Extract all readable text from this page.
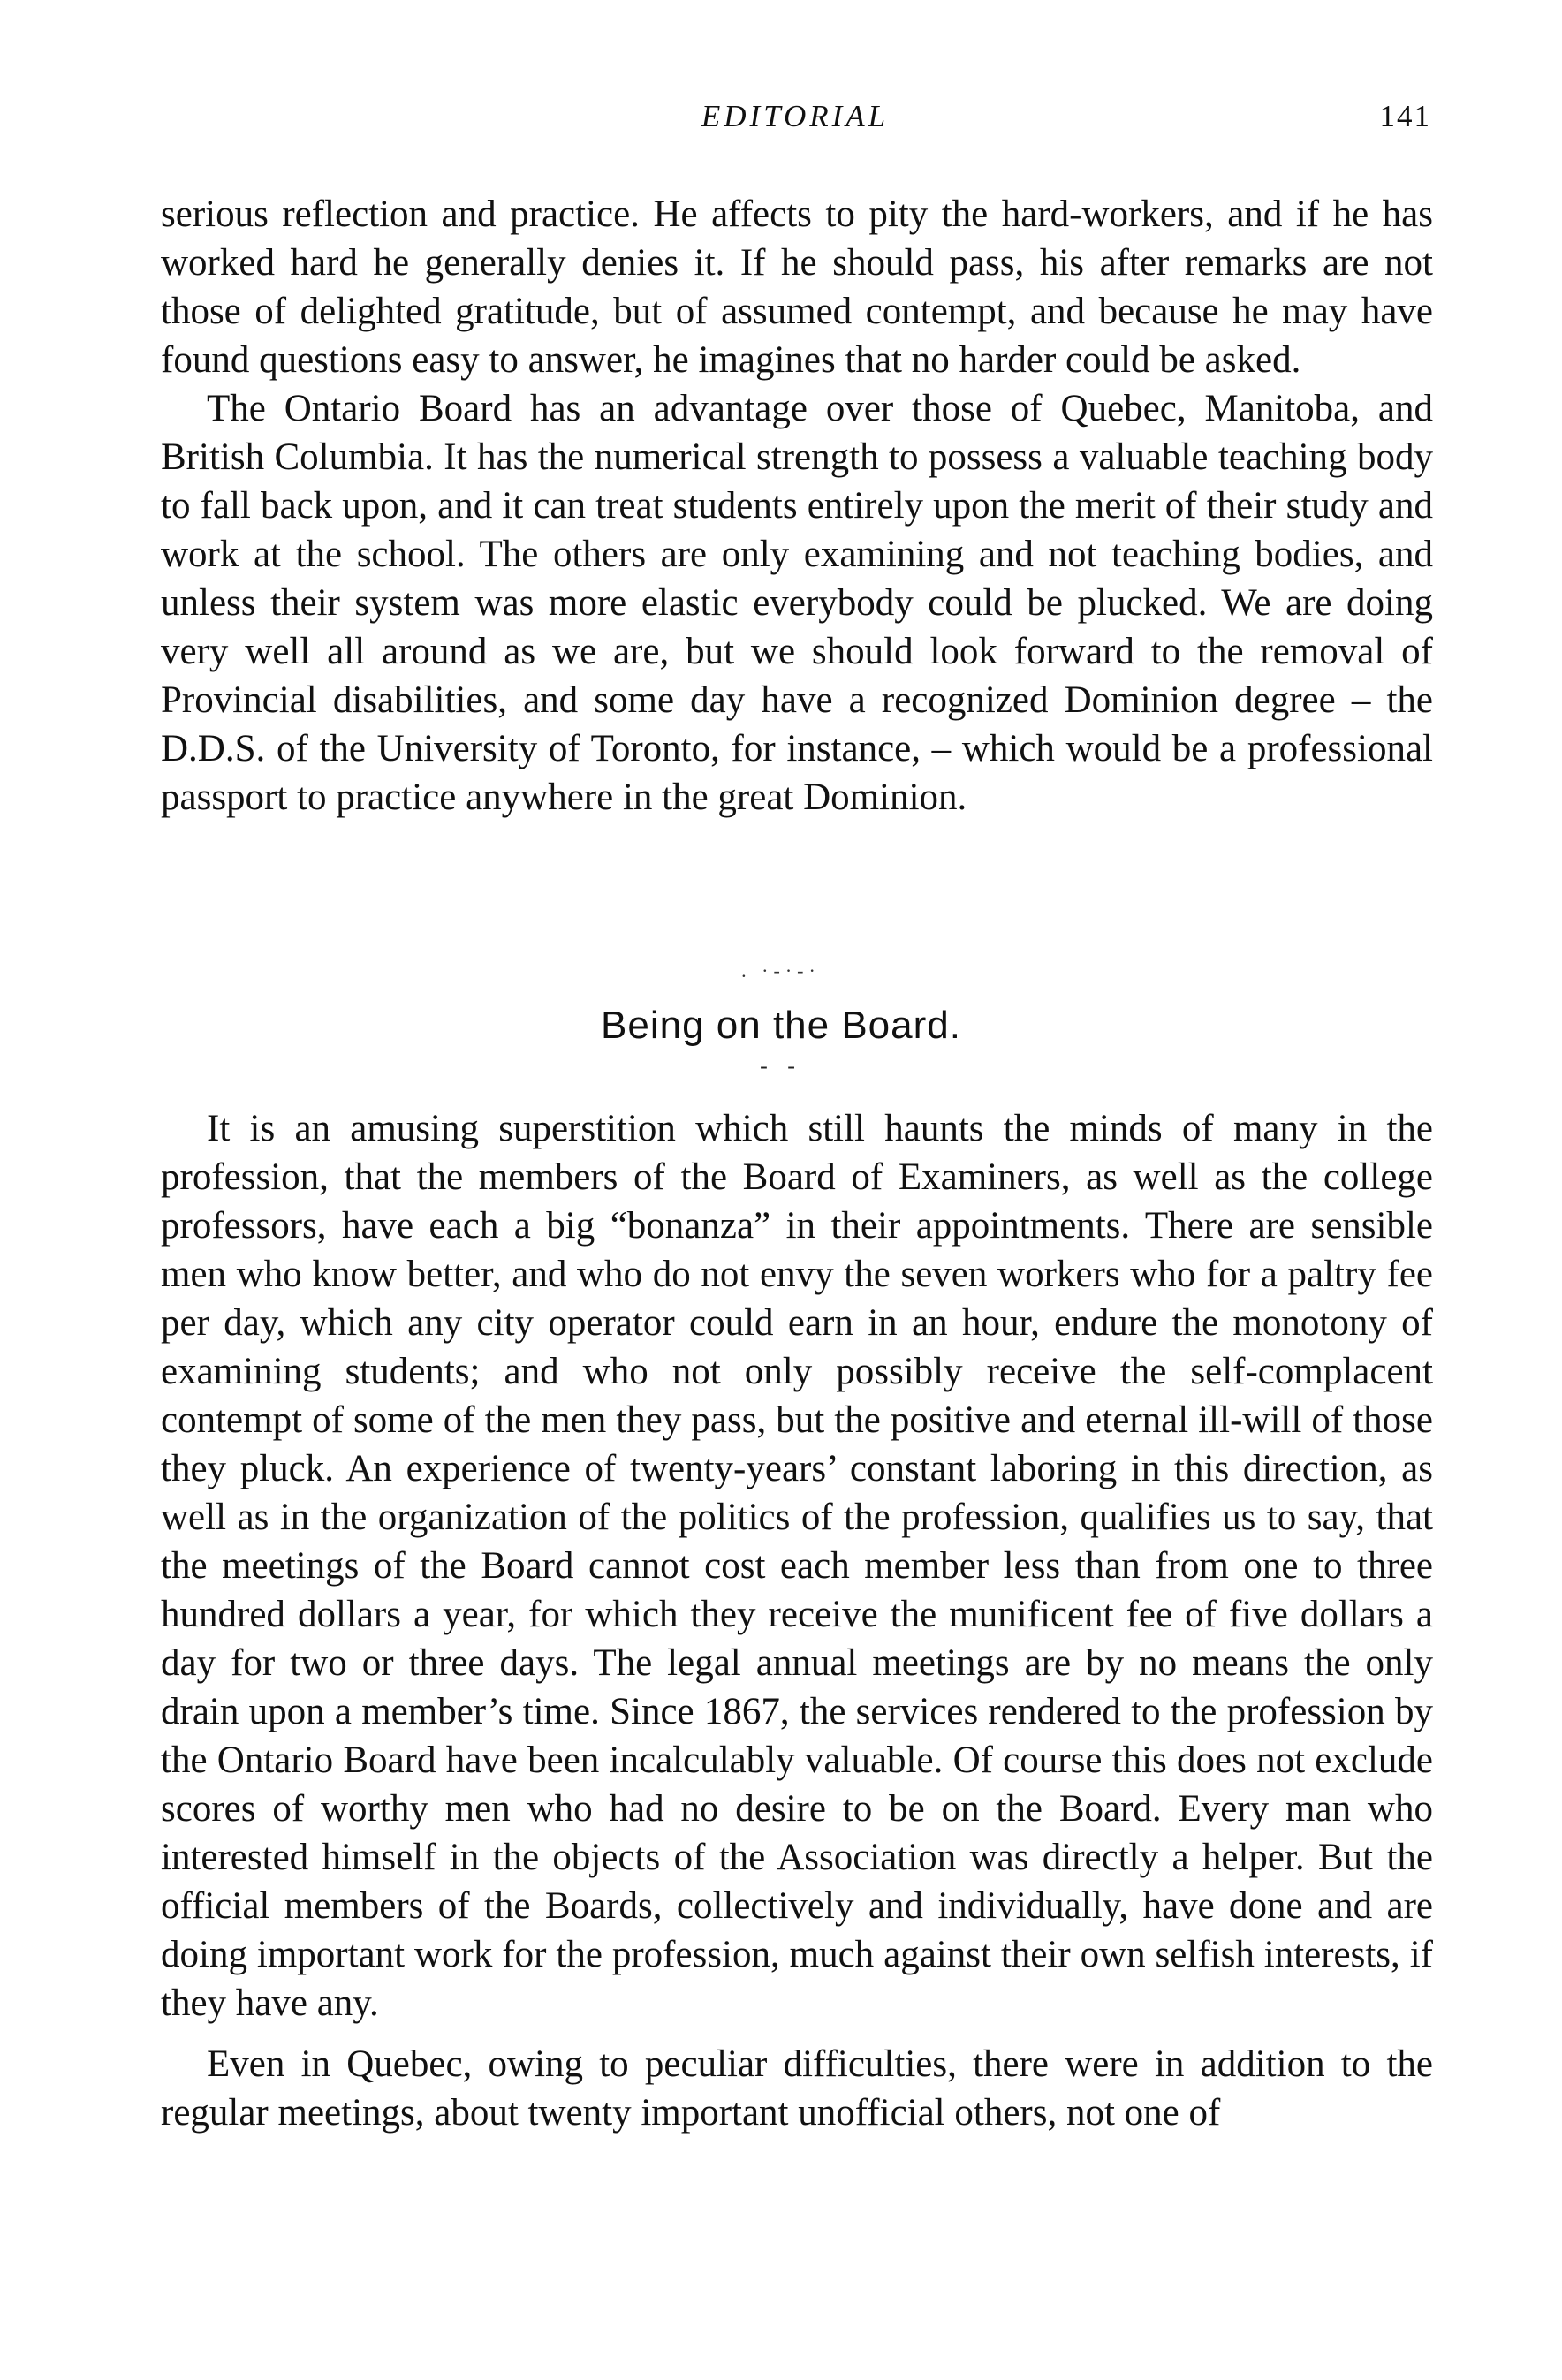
EDITORIAL	141

serious reflection and practice. He affects to pity the hard-workers, and if he has worked hard he generally denies it. If he should pass, his after remarks are not those of delighted gratitude, but of assumed contempt, and because he may have found questions easy to answer, he imagines that no harder could be asked.

The Ontario Board has an advantage over those of Quebec, Manitoba, and British Columbia. It has the numerical strength to possess a valuable teaching body to fall back upon, and it can treat students entirely upon the merit of their study and work at the school. The others are only examining and not teaching bodies, and unless their system was more elastic everybody could be plucked. We are doing very well all around as we are, but we should look forward to the removal of Provincial disabilities, and some day have a recognized Dominion degree – the D.D.S. of the University of Toronto, for instance, – which would be a professional passport to practice anywhere in the great Dominion.

. ·-·-·
Being on the Board.
- -

It is an amusing superstition which still haunts the minds of many in the profession, that the members of the Board of Examiners, as well as the college professors, have each a big “bonanza” in their appointments. There are sensible men who know better, and who do not envy the seven workers who for a paltry fee per day, which any city operator could earn in an hour, endure the monotony of examining students; and who not only possibly receive the self-complacent contempt of some of the men they pass, but the positive and eternal ill-will of those they pluck. An experience of twenty-years’ constant laboring in this direction, as well as in the organization of the politics of the profession, qualifies us to say, that the meetings of the Board cannot cost each member less than from one to three hundred dollars a year, for which they receive the munificent fee of five dollars a day for two or three days. The legal annual meetings are by no means the only drain upon a member’s time. Since 1867, the services rendered to the profession by the Ontario Board have been incalculably valuable. Of course this does not exclude scores of worthy men who had no desire to be on the Board. Every man who interested himself in the objects of the Association was directly a helper. But the official members of the Boards, collectively and individually, have done and are doing important work for the profession, much against their own selfish interests, if they have any.

Even in Quebec, owing to peculiar difficulties, there were in addition to the regular meetings, about twenty important unofficial others, not one of
